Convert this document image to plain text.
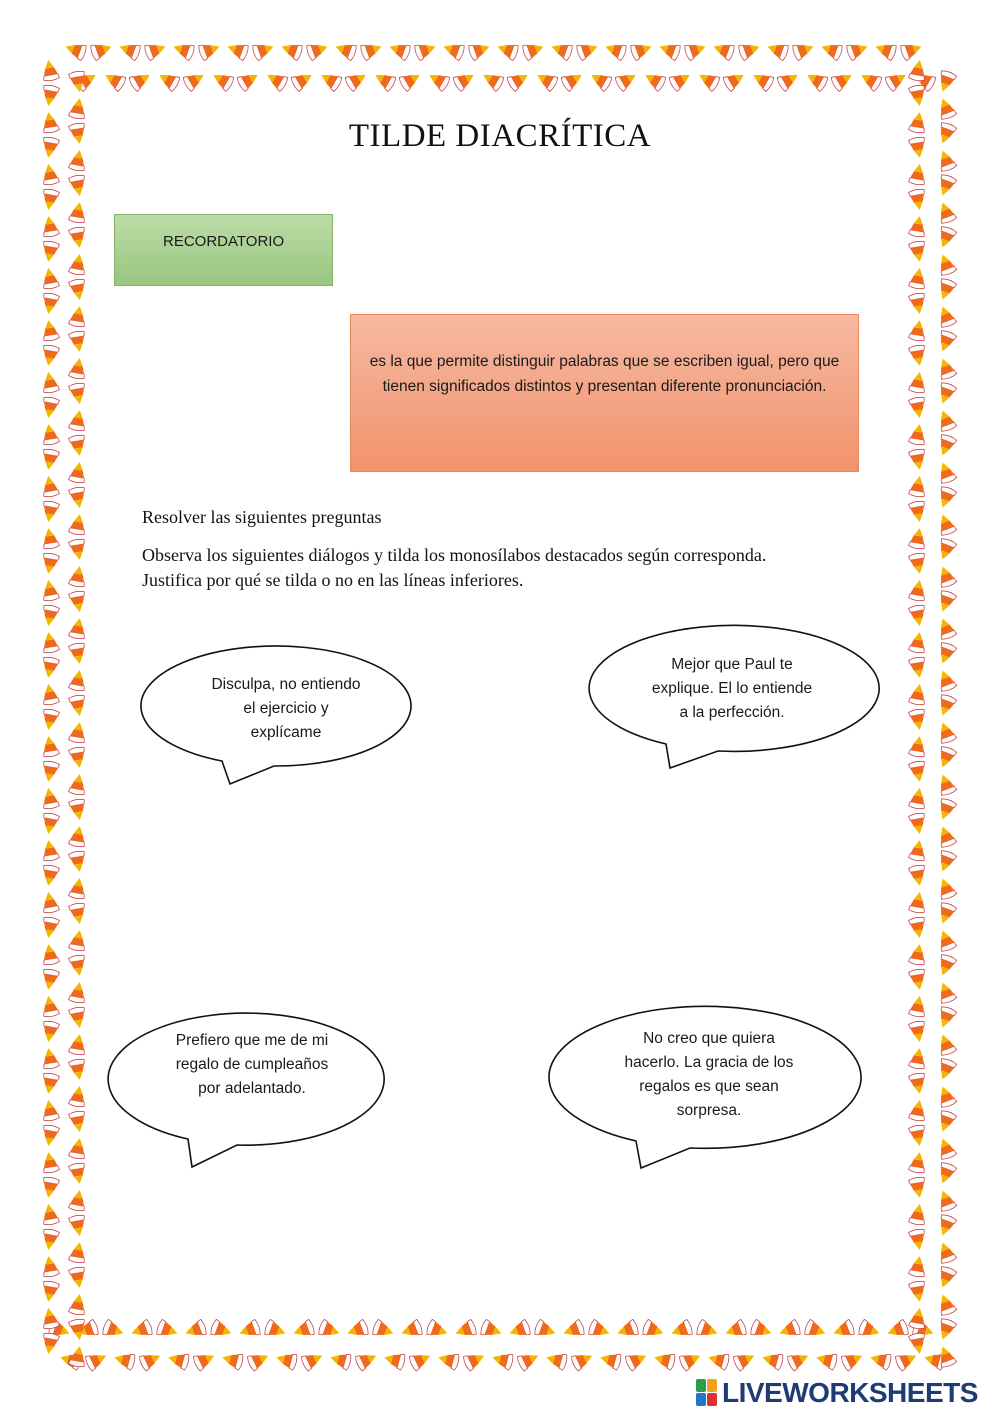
TILDE DIACRÍTICA
RECORDATORIO
es la que permite distinguir palabras que se escriben igual, pero que tienen significados distintos y presentan diferente pronunciación.
Resolver las siguientes preguntas
Observa los siguientes diálogos y tilda los monosílabos destacados según corresponda.
Justifica por qué se tilda o no en las líneas inferiores.
Disculpa, no entiendo
el ejercicio y
explícame
Mejor que Paul te
explique. El lo entiende
a la perfección.
Prefiero que me de mi
regalo de cumpleaños
por adelantado.
No creo que quiera
hacerlo. La gracia de los
regalos es que sean
sorpresa.
LIVEWORKSHEETS
